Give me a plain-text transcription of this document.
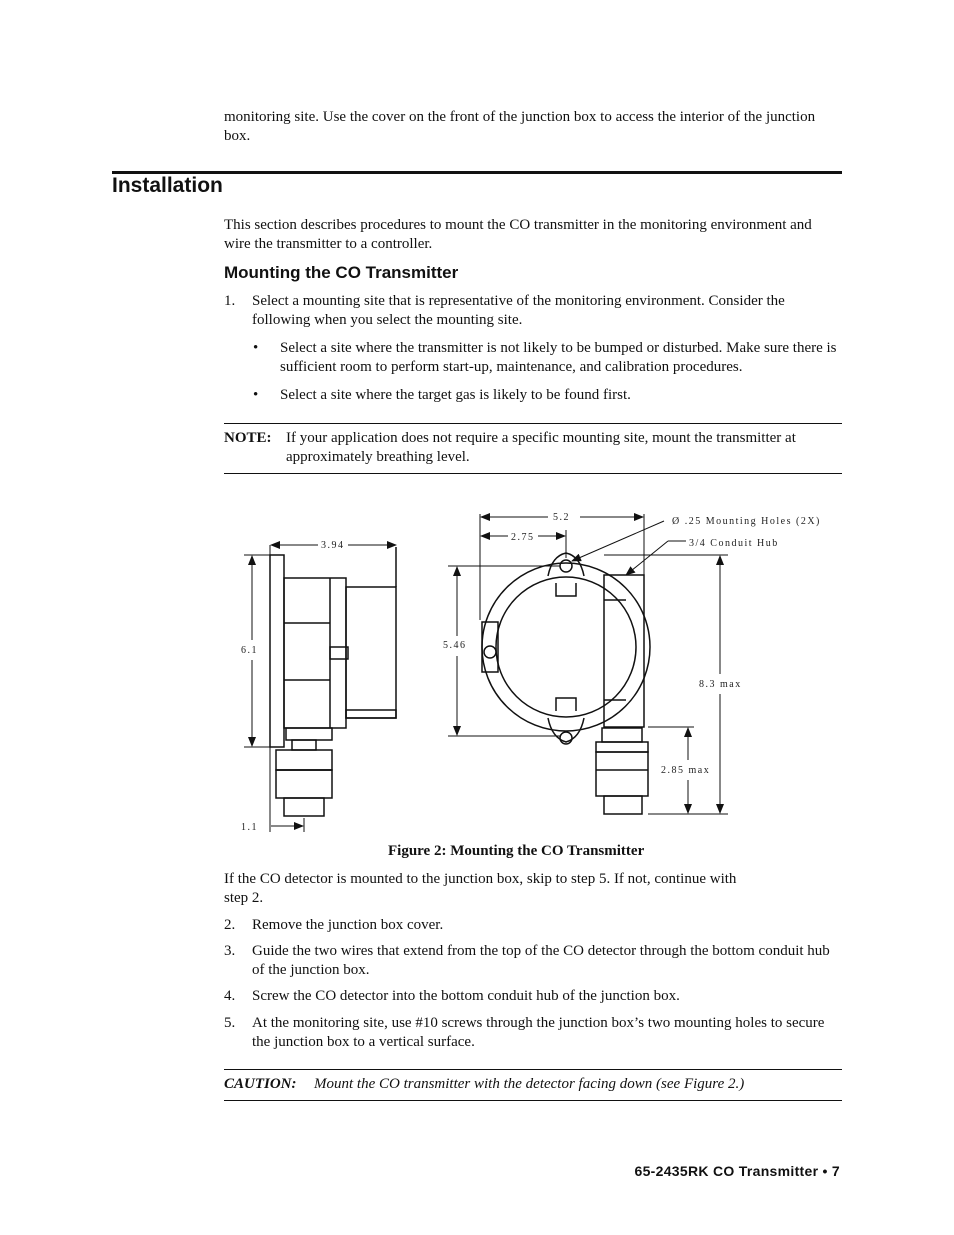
monitoring site. Use the cover on the front of the junction box to access the interior of the junction box.
Installation
This section describes procedures to mount the CO transmitter in the monitoring environment and wire the transmitter to a controller.
Mounting the CO Transmitter
1.	Select a mounting site that is representative of the monitoring environment. Consider the following when you select the mounting site.
• Select a site where the transmitter is not likely to be bumped or disturbed. Make sure there is sufficient room to perform start-up, maintenance, and calibration procedures.
• Select a site where the target gas is likely to be found first.
NOTE: If your application does not require a specific mounting site, mount the transmitter at approximately breathing level.
3.94
6.1
1.1
5.2
2.75
5.46
8.3 max
2.85 max
Ø .25 Mounting Holes (2X)
3/4 Conduit Hub
Figure 2: Mounting the CO Transmitter
If the CO detector is mounted to the junction box, skip to step 5. If not, continue with step 2.
2.	Remove the junction box cover.
3.	Guide the two wires that extend from the top of the CO detector through the bottom conduit hub of the junction box.
4.	Screw the CO detector into the bottom conduit hub of the junction box.
5.	At the monitoring site, use #10 screws through the junction box’s two mounting holes to secure the junction box to a vertical surface.
CAUTION: Mount the CO transmitter with the detector facing down (see Figure 2.)
65-2435RK CO Transmitter • 7
